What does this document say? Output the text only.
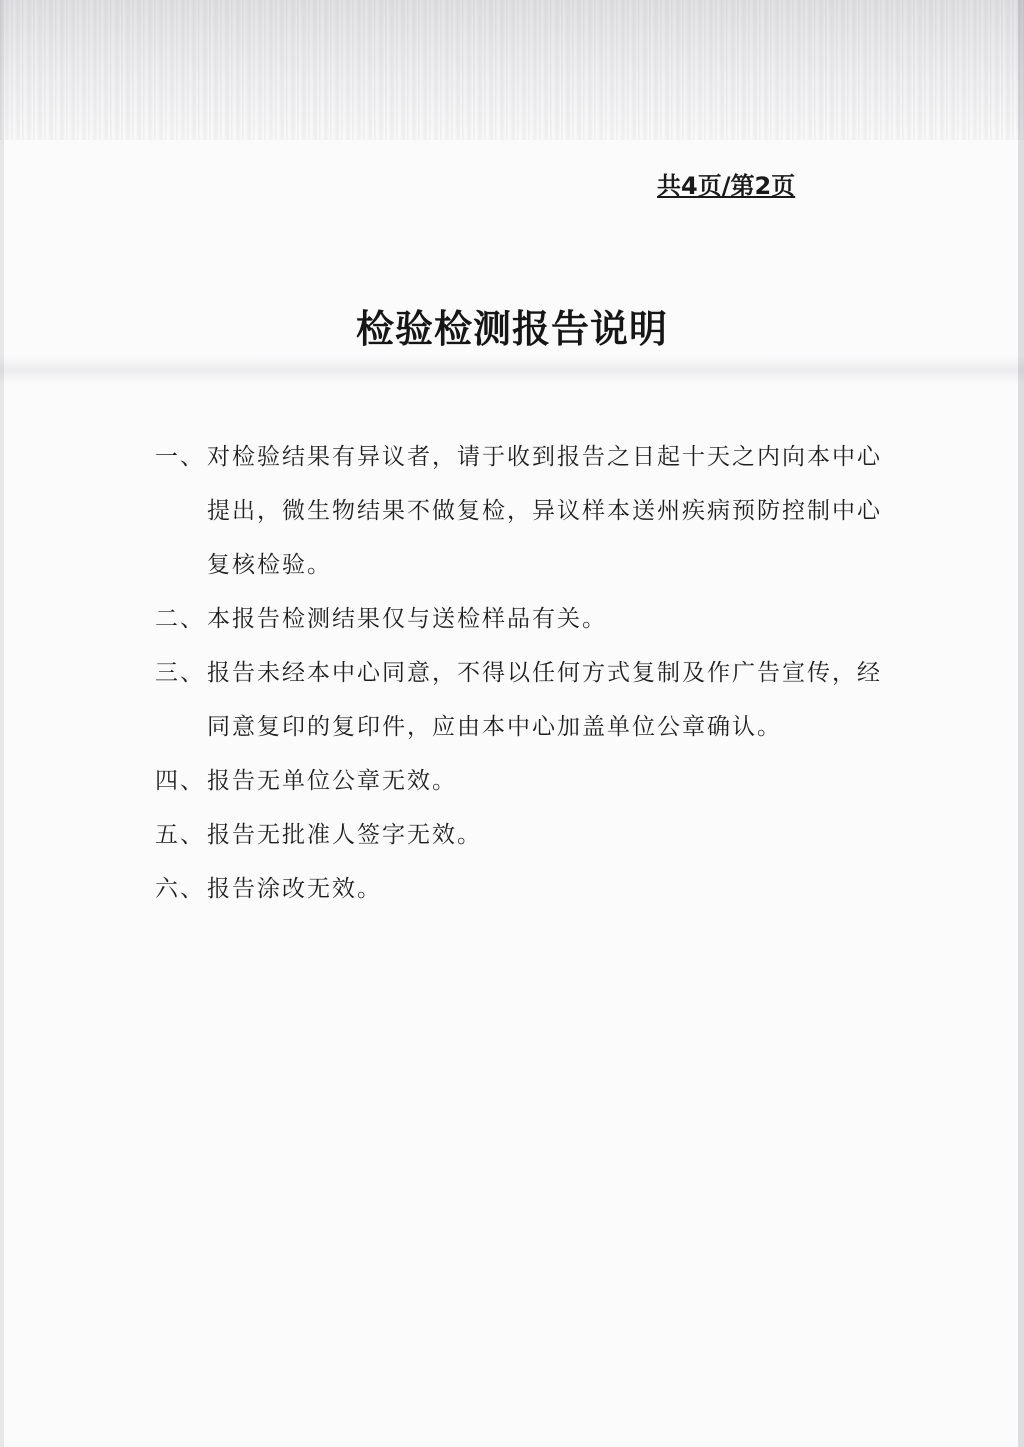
共4页/第2页
检验检测报告说明
一、 对检验结果有异议者，请于收到报告之日起十天之内向本中心提出，微生物结果不做复检，异议样本送州疾病预防控制中心复核检验。
二、 本报告检测结果仅与送检样品有关。
三、 报告未经本中心同意，不得以任何方式复制及作广告宣传，经同意复印的复印件，应由本中心加盖单位公章确认。
四、 报告无单位公章无效。
五、 报告无批准人签字无效。
六、 报告涂改无效。
